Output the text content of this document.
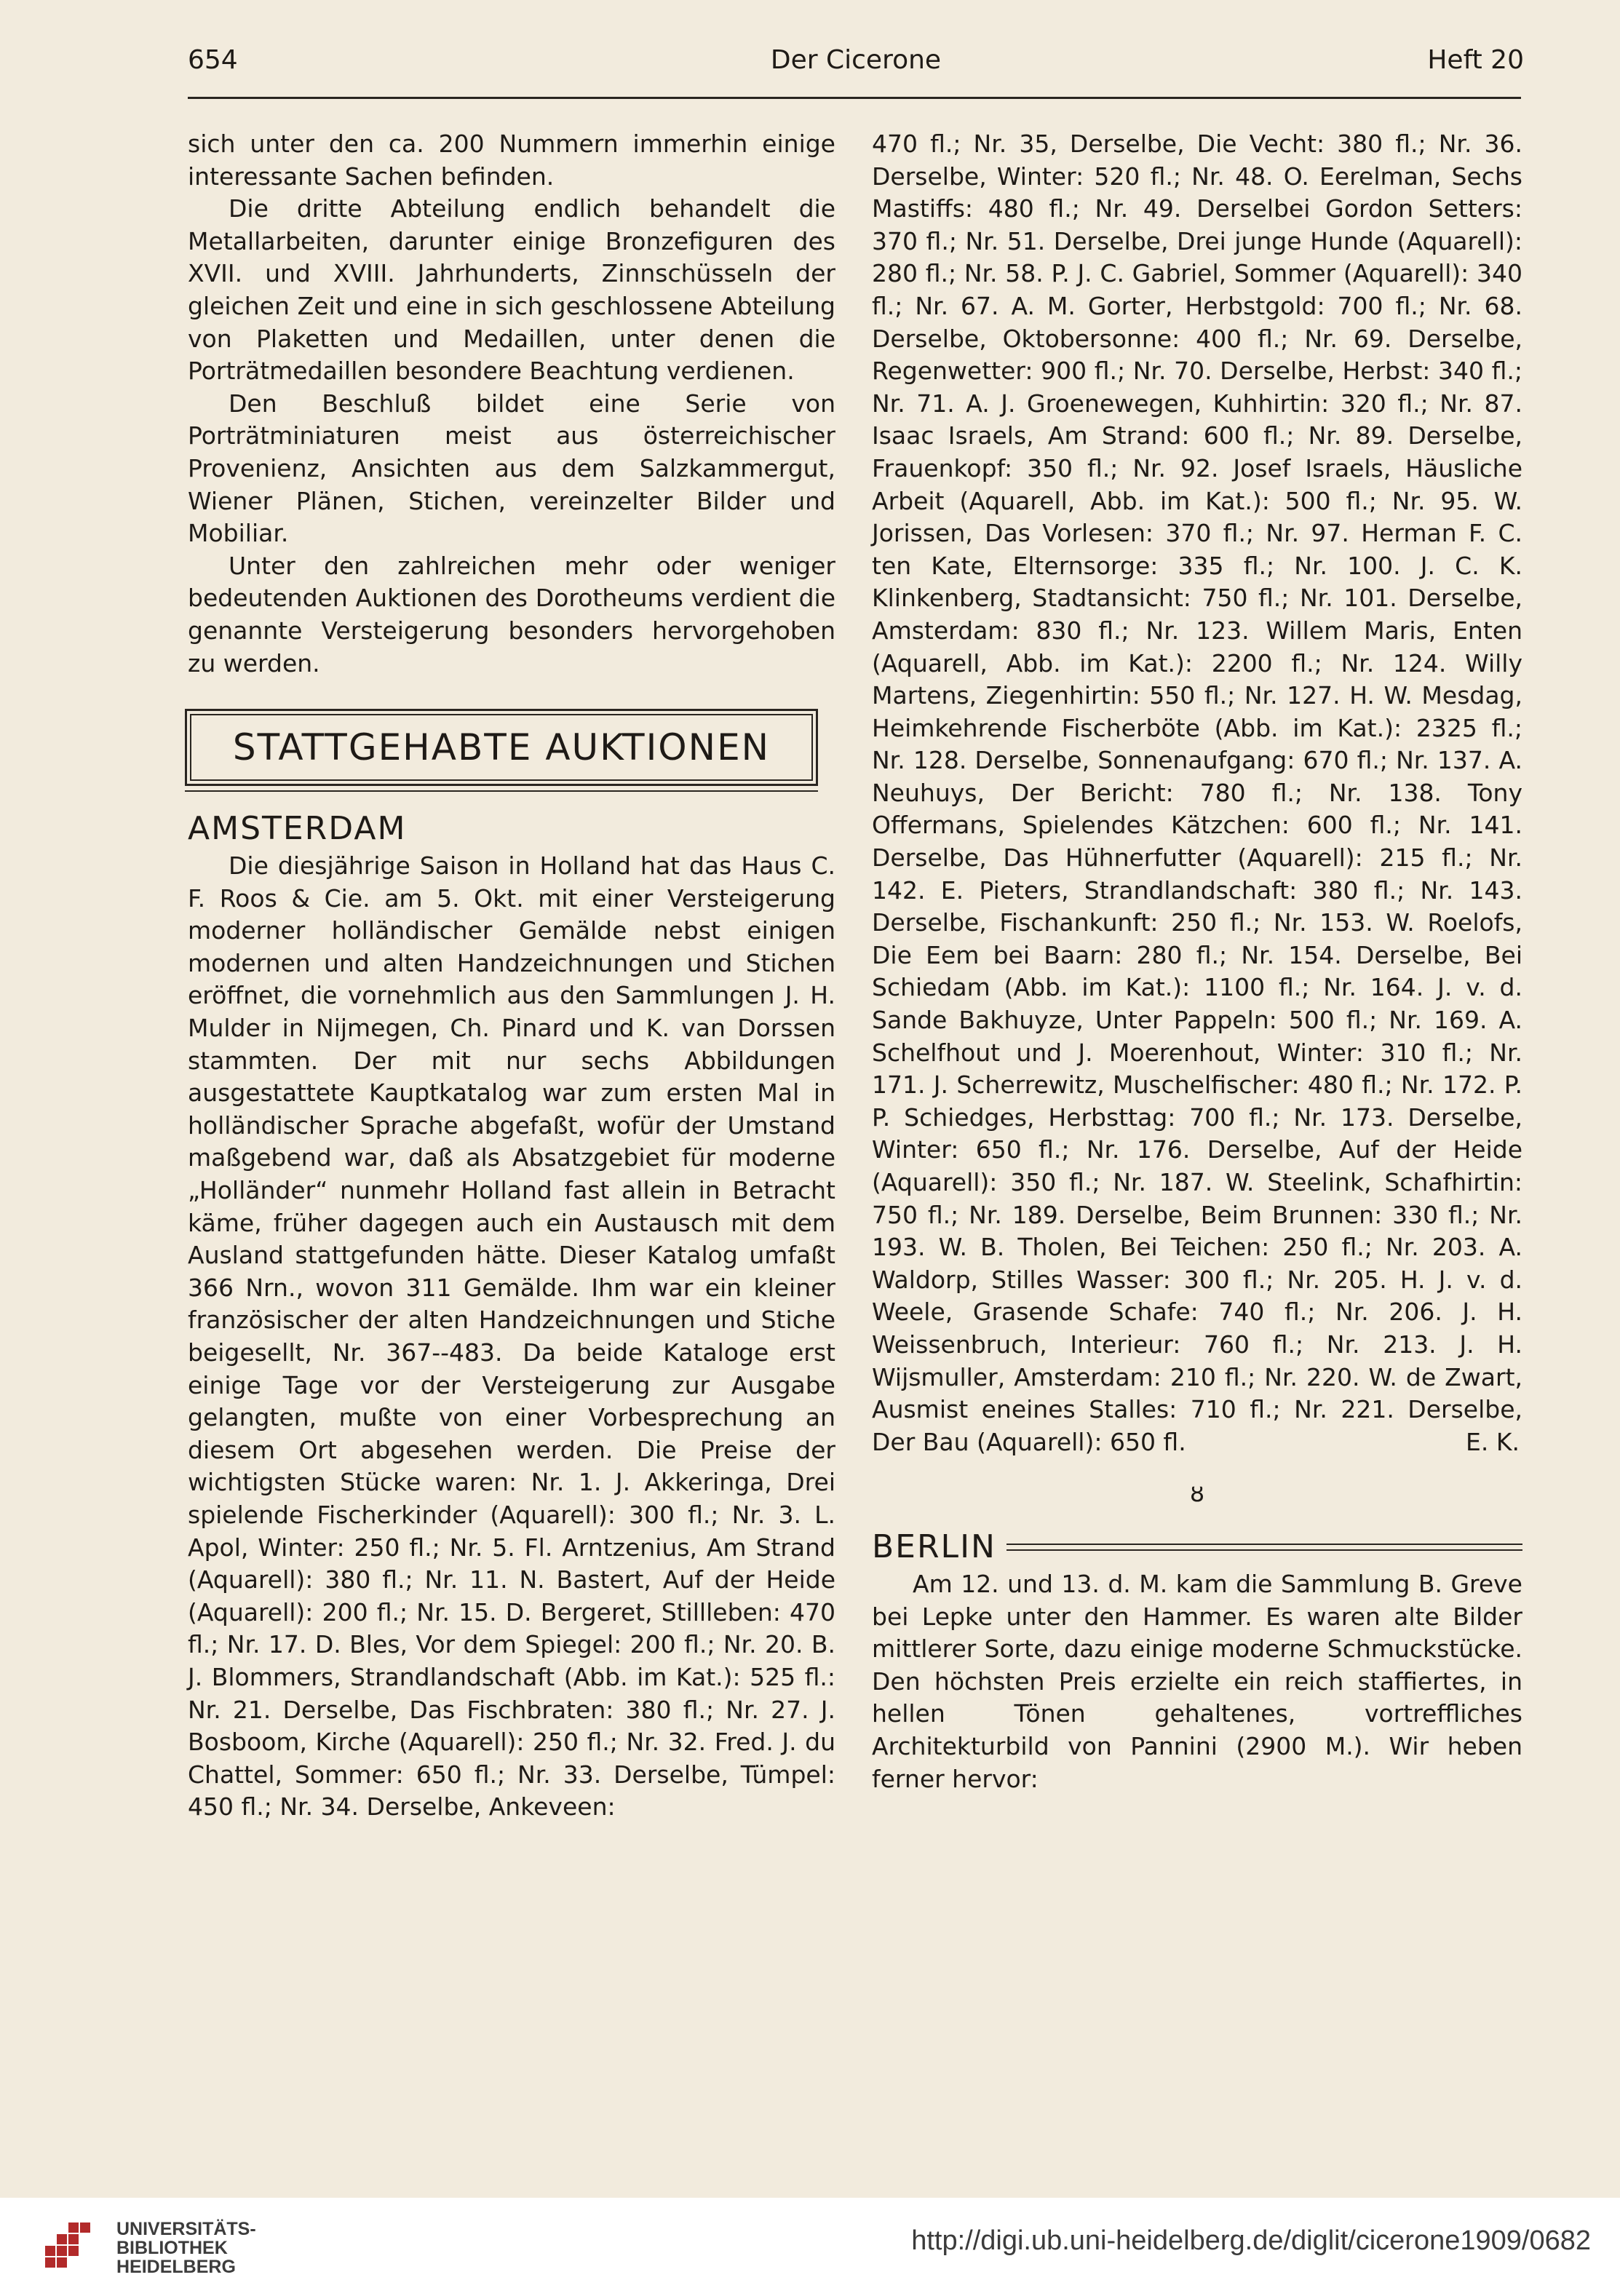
654	Der Cicerone	Heft 20

sich unter den ca. 200 Nummern immerhin einige interessante Sachen befinden.

Die dritte Abteilung endlich behandelt die Metallarbeiten, darunter einige Bronzefiguren des XVII. und XVIII. Jahrhunderts, Zinnschüsseln der gleichen Zeit und eine in sich geschlossene Abteilung von Plaketten und Medaillen, unter denen die Porträtmedaillen besondere Beachtung verdienen.

Den Beschluß bildet eine Serie von Porträtminiaturen meist aus österreichischer Provenienz, Ansichten aus dem Salzkammergut, Wiener Plänen, Stichen, vereinzelter Bilder und Mobiliar.

Unter den zahlreichen mehr oder weniger bedeutenden Auktionen des Dorotheums verdient die genannte Versteigerung besonders hervorgehoben zu werden.

STATTGEHABTE AUKTIONEN
AMSTERDAM

Die diesjährige Saison in Holland hat das Haus C. F. Roos & Cie. am 5. Okt. mit einer Versteigerung moderner holländischer Gemälde nebst einigen modernen und alten Handzeichnungen und Stichen eröffnet, die vornehmlich aus den Sammlungen J. H. Mulder in Nijmegen, Ch. Pinard und K. van Dorssen stammten. Der mit nur sechs Abbildungen ausgestattete Kauptkatalog war zum ersten Mal in holländischer Sprache abgefaßt, wofür der Umstand maßgebend war, daß als Absatzgebiet für moderne „Holländer“ nunmehr Holland fast allein in Betracht käme, früher dagegen auch ein Austausch mit dem Ausland stattgefunden hätte. Dieser Katalog umfaßt 366 Nrn., wovon 311 Gemälde. Ihm war ein kleiner französischer der alten Handzeichnungen und Stiche beigesellt, Nr. 367--483. Da beide Kataloge erst einige Tage vor der Versteigerung zur Ausgabe gelangten, mußte von einer Vorbesprechung an diesem Ort abgesehen werden. Die Preise der wichtigsten Stücke waren: Nr. 1. J. Akkeringa, Drei spielende Fischerkinder (Aquarell): 300 fl.; Nr. 3. L. Apol, Winter: 250 fl.; Nr. 5. Fl. Arntzenius, Am Strand (Aquarell): 380 fl.; Nr. 11. N. Bastert, Auf der Heide (Aquarell): 200 fl.; Nr. 15. D. Bergeret, Stillleben: 470 fl.; Nr. 17. D. Bles, Vor dem Spiegel: 200 fl.; Nr. 20. B. J. Blommers, Strandlandschaft (Abb. im Kat.): 525 fl.: Nr. 21. Derselbe, Das Fischbraten: 380 fl.; Nr. 27. J. Bosboom, Kirche (Aquarell): 250 fl.; Nr. 32. Fred. J. du Chattel, Sommer: 650 fl.; Nr. 33. Derselbe, Tümpel: 450 fl.; Nr. 34. Derselbe, Ankeveen:

470 fl.; Nr. 35, Derselbe, Die Vecht: 380 fl.; Nr. 36. Derselbe, Winter: 520 fl.; Nr. 48. O. Eerelman, Sechs Mastiffs: 480 fl.; Nr. 49. Derselbei Gordon Setters: 370 fl.; Nr. 51. Derselbe, Drei junge Hunde (Aquarell): 280 fl.; Nr. 58. P. J. C. Gabriel, Sommer (Aquarell): 340 fl.; Nr. 67. A. M. Gorter, Herbstgold: 700 fl.; Nr. 68. Derselbe, Oktobersonne: 400 fl.; Nr. 69. Derselbe, Regenwetter: 900 fl.; Nr. 70. Derselbe, Herbst: 340 fl.; Nr. 71. A. J. Groenewegen, Kuhhirtin: 320 fl.; Nr. 87. Isaac Israels, Am Strand: 600 fl.; Nr. 89. Derselbe, Frauenkopf: 350 fl.; Nr. 92. Josef Israels, Häusliche Arbeit (Aquarell, Abb. im Kat.): 500 fl.; Nr. 95. W. Jorissen, Das Vorlesen: 370 fl.; Nr. 97. Herman F. C. ten Kate, Elternsorge: 335 fl.; Nr. 100. J. C. K. Klinkenberg, Stadtansicht: 750 fl.; Nr. 101. Derselbe, Amsterdam: 830 fl.; Nr. 123. Willem Maris, Enten (Aquarell, Abb. im Kat.): 2200 fl.; Nr. 124. Willy Martens, Ziegenhirtin: 550 fl.; Nr. 127. H. W. Mesdag, Heimkehrende Fischerböte (Abb. im Kat.): 2325 fl.; Nr. 128. Derselbe, Sonnenaufgang: 670 fl.; Nr. 137. A. Neuhuys, Der Bericht: 780 fl.; Nr. 138. Tony Offermans, Spielendes Kätzchen: 600 fl.; Nr. 141. Derselbe, Das Hühnerfutter (Aquarell): 215 fl.; Nr. 142. E. Pieters, Strandlandschaft: 380 fl.; Nr. 143. Derselbe, Fischankunft: 250 fl.; Nr. 153. W. Roelofs, Die Eem bei Baarn: 280 fl.; Nr. 154. Derselbe, Bei Schiedam (Abb. im Kat.): 1100 fl.; Nr. 164. J. v. d. Sande Bakhuyze, Unter Pappeln: 500 fl.; Nr. 169. A. Schelfhout und J. Moerenhout, Winter: 310 fl.; Nr. 171. J. Scherrewitz, Muschelfischer: 480 fl.; Nr. 172. P. P. Schiedges, Herbsttag: 700 fl.; Nr. 173. Derselbe, Winter: 650 fl.; Nr. 176. Derselbe, Auf der Heide (Aquarell): 350 fl.; Nr. 187. W. Steelink, Schafhirtin: 750 fl.; Nr. 189. Derselbe, Beim Brunnen: 330 fl.; Nr. 193. W. B. Tholen, Bei Teichen: 250 fl.; Nr. 203. A. Waldorp, Stilles Wasser: 300 fl.; Nr. 205. H. J. v. d. Weele, Grasende Schafe: 740 fl.; Nr. 206. J. H. Weissenbruch, Interieur: 760 fl.; Nr. 213. J. H. Wijsmuller, Amsterdam: 210 fl.; Nr. 220. W. de Zwart, Ausmist eneines Stalles: 710 fl.; Nr. 221. Derselbe, Der Bau (Aquarell): 650 fl.	E. K.

ȣ
BERLIN

Am 12. und 13. d. M. kam die Sammlung B. Greve bei Lepke unter den Hammer. Es waren alte Bilder mittlerer Sorte, dazu einige moderne Schmuckstücke. Den höchsten Preis erzielte ein reich staffiertes, in hellen Tönen gehaltenes, vortreffliches Architekturbild von Pannini (2900 M.). Wir heben ferner hervor:

UNIVERSITÄTS-
BIBLIOTHEK
HEIDELBERG
http://digi.ub.uni-heidelberg.de/diglit/cicerone1909/0682
